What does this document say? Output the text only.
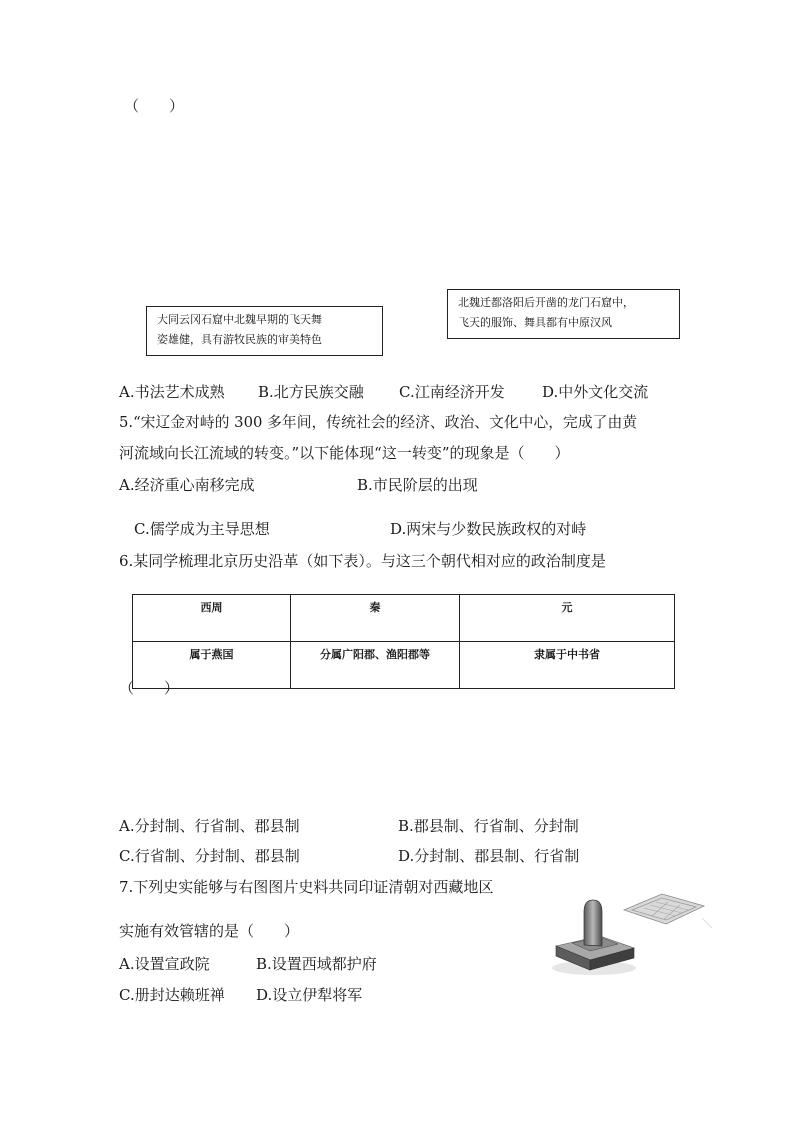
（　　）
大同云冈石窟中北魏早期的飞天舞
姿雄健，具有游牧民族的审美特色
北魏迁都洛阳后开凿的龙门石窟中，
飞天的服饰、舞具都有中原汉风
A.书法艺术成熟 B.北方民族交融 C.江南经济开发 D.中外文化交流
5.“宋辽金对峙的 300 多年间，传统社会的经济、政治、文化中心，完成了由黄
河流域向长江流域的转变。”以下能体现“这一转变”的现象是（　　）
A.经济重心南移完成	B.市民阶层的出现
C.儒学成为主导思想	D.两宋与少数民族政权的对峙
6.某同学梳理北京历史沿革（如下表）。与这三个朝代相对应的政治制度是
西周	秦	元
属于燕国	分属广阳郡、渔阳郡等	隶属于中书省
（　　）
A.分封制、行省制、郡县制	B.郡县制、行省制、分封制
C.行省制、分封制、郡县制	D.分封制、郡县制、行省制
7.下列史实能够与右图图片史料共同印证清朝对西藏地区
实施有效管辖的是（　　）
A.设置宣政院	B.设置西域都护府
C.册封达赖班禅 D.设立伊犁将军
